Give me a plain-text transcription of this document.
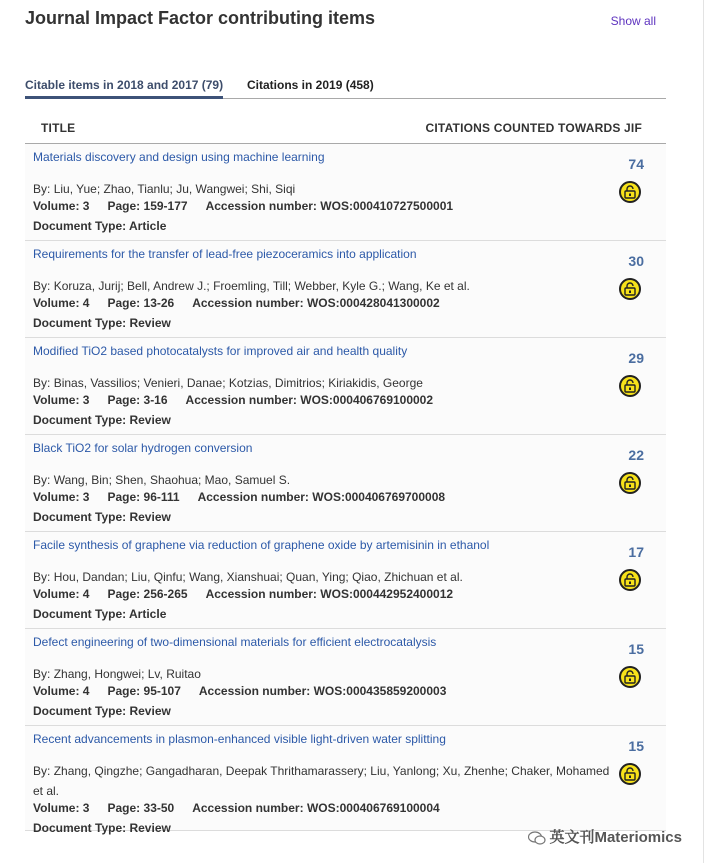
Journal Impact Factor contributing items	Show all
Citable items in 2018 and 2017 (79) Citations in 2019 (458)
TITLE	CITATIONS COUNTED TOWARDS JIF
Materials discovery and design using machine learning
By: Liu, Yue; Zhao, Tianlu; Ju, Wangwei; Shi, Siqi
Volume: 3 Page: 159-177 Accession number: WOS:000410727500001
Document Type: Article
74
Requirements for the transfer of lead-free piezoceramics into application
By: Koruza, Jurij; Bell, Andrew J.; Froemling, Till; Webber, Kyle G.; Wang, Ke et al.
Volume: 4 Page: 13-26 Accession number: WOS:000428041300002
Document Type: Review
30
Modified TiO2 based photocatalysts for improved air and health quality
By: Binas, Vassilios; Venieri, Danae; Kotzias, Dimitrios; Kiriakidis, George
Volume: 3 Page: 3-16 Accession number: WOS:000406769100002
Document Type: Review
29
Black TiO2 for solar hydrogen conversion
By: Wang, Bin; Shen, Shaohua; Mao, Samuel S.
Volume: 3 Page: 96-111 Accession number: WOS:000406769700008
Document Type: Review
22
Facile synthesis of graphene via reduction of graphene oxide by artemisinin in ethanol
By: Hou, Dandan; Liu, Qinfu; Wang, Xianshuai; Quan, Ying; Qiao, Zhichuan et al.
Volume: 4 Page: 256-265 Accession number: WOS:000442952400012
Document Type: Article
17
Defect engineering of two-dimensional materials for efficient electrocatalysis
By: Zhang, Hongwei; Lv, Ruitao
Volume: 4 Page: 95-107 Accession number: WOS:000435859200003
Document Type: Review
15
Recent advancements in plasmon-enhanced visible light-driven water splitting
By: Zhang, Qingzhe; Gangadharan, Deepak Thrithamarassery; Liu, Yanlong; Xu, Zhenhe; Chaker, Mohamed et al.
Volume: 3 Page: 33-50 Accession number: WOS:000406769100004
Document Type: Review
15
英文刊Materiomics
